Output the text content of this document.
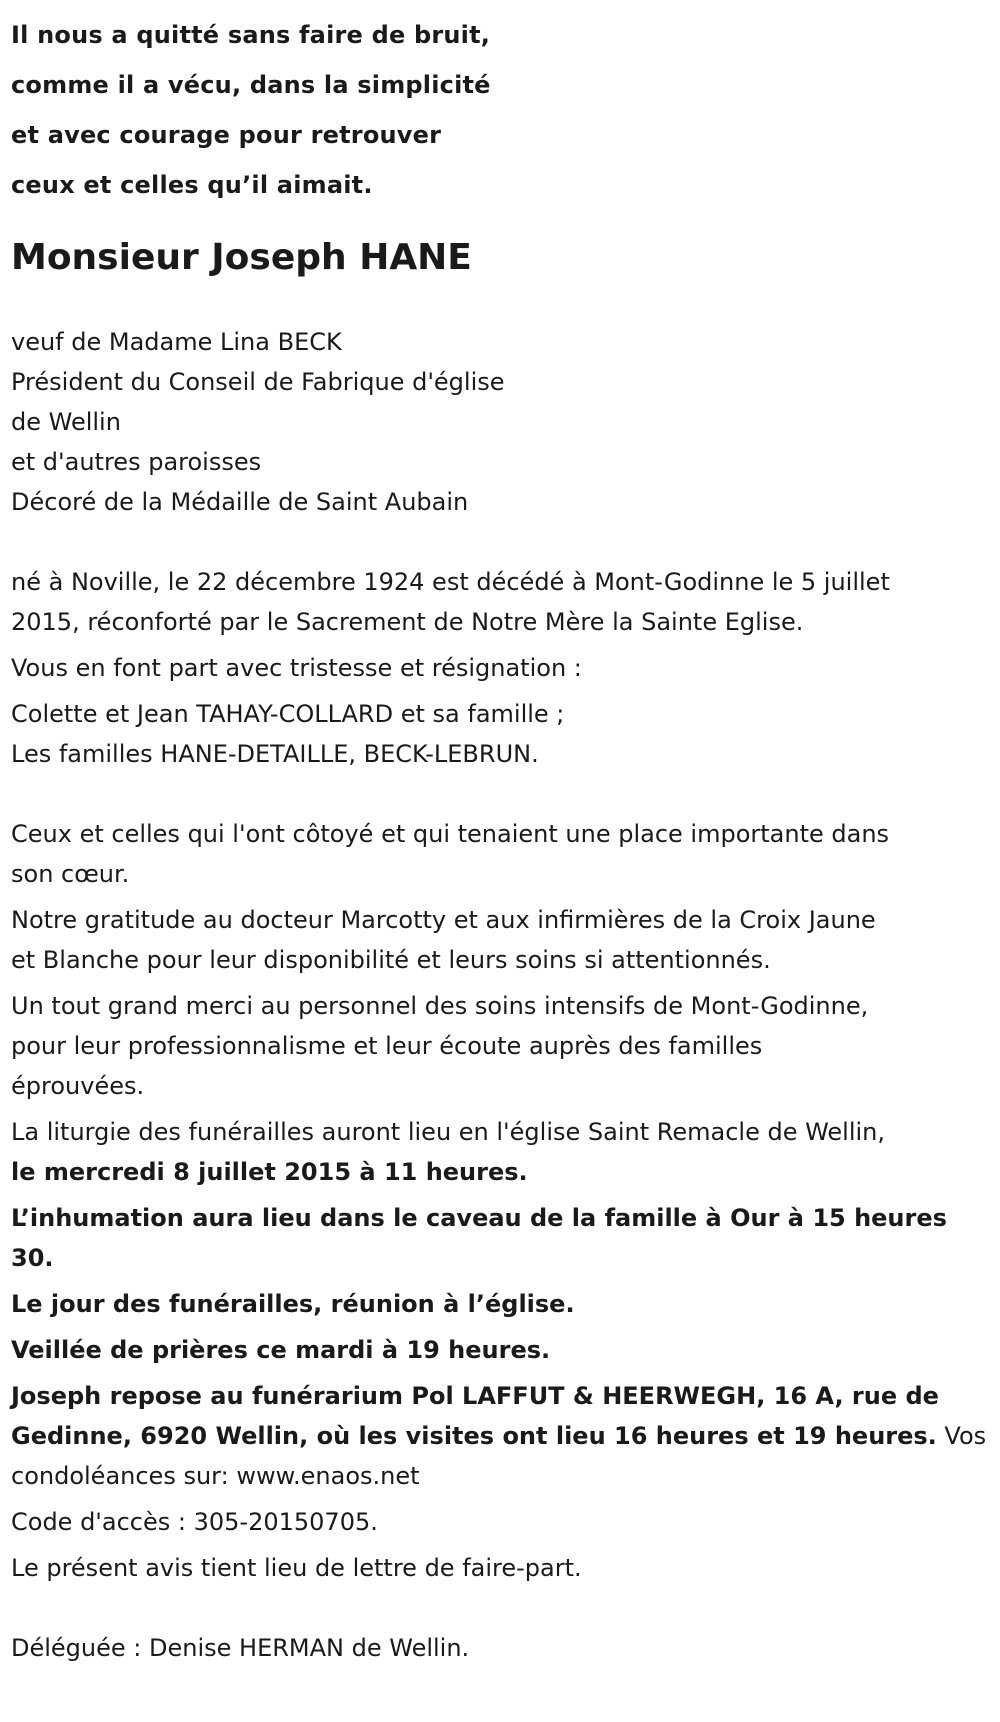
Il nous a quitté sans faire de bruit,

comme il a vécu, dans la simplicité

et avec courage pour retrouver

ceux et celles qu’il aimait.

Monsieur Joseph HANE

veuf de Madame Lina BECK

Président du Conseil de Fabrique d'église

de Wellin

et d'autres paroisses

Décoré de la Médaille de Saint Aubain

né à Noville, le 22 décembre 1924 est décédé à Mont-Godinne le 5 juillet

2015, réconforté par le Sacrement de Notre Mère la Sainte Eglise.

Vous en font part avec tristesse et résignation :

Colette et Jean TAHAY-COLLARD et sa famille ;

Les familles HANE-DETAILLE, BECK-LEBRUN.

Ceux et celles qui l'ont côtoyé et qui tenaient une place importante dans

son cœur.

Notre gratitude au docteur Marcotty et aux infirmières de la Croix Jaune

et Blanche pour leur disponibilité et leurs soins si attentionnés.

Un tout grand merci au personnel des soins intensifs de Mont-Godinne,

pour leur professionnalisme et leur écoute auprès des familles

éprouvées.

La liturgie des funérailles auront lieu en l'église Saint Remacle de Wellin,

le mercredi 8 juillet 2015 à 11 heures.

L’inhumation aura lieu dans le caveau de la famille à Our à 15 heures

30.

Le jour des funérailles, réunion à l’église.

Veillée de prières ce mardi à 19 heures.

Joseph repose au funérarium Pol LAFFUT & HEERWEGH, 16 A, rue de

Gedinne, 6920 Wellin, où les visites ont lieu 16 heures et 19 heures. Vos

condoléances sur: www.enaos.net

Code d'accès : 305-20150705.

Le présent avis tient lieu de lettre de faire-part.

Déléguée : Denise HERMAN de Wellin.
